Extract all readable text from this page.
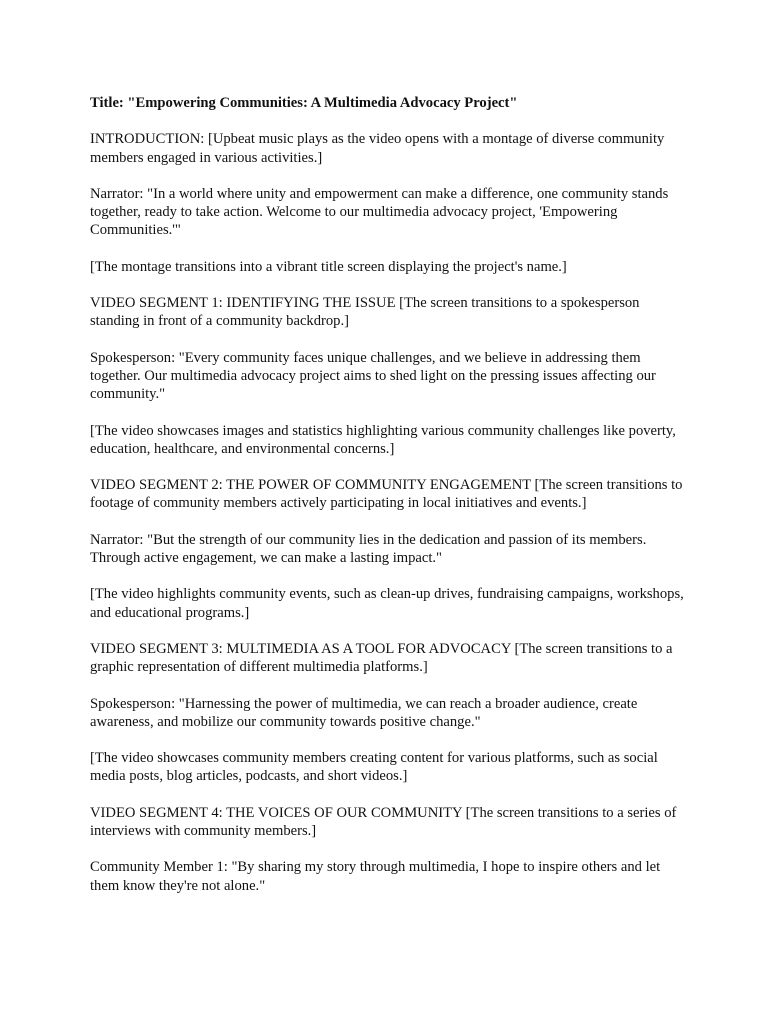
Title: "Empowering Communities: A Multimedia Advocacy Project"

INTRODUCTION: [Upbeat music plays as the video opens with a montage of diverse community members engaged in various activities.]

Narrator: "In a world where unity and empowerment can make a difference, one community stands together, ready to take action. Welcome to our multimedia advocacy project, 'Empowering Communities.'"

[The montage transitions into a vibrant title screen displaying the project's name.]

VIDEO SEGMENT 1: IDENTIFYING THE ISSUE [The screen transitions to a spokesperson standing in front of a community backdrop.]

Spokesperson: "Every community faces unique challenges, and we believe in addressing them together. Our multimedia advocacy project aims to shed light on the pressing issues affecting our community."

[The video showcases images and statistics highlighting various community challenges like poverty, education, healthcare, and environmental concerns.]

VIDEO SEGMENT 2: THE POWER OF COMMUNITY ENGAGEMENT [The screen transitions to footage of community members actively participating in local initiatives and events.]

Narrator: "But the strength of our community lies in the dedication and passion of its members. Through active engagement, we can make a lasting impact."

[The video highlights community events, such as clean-up drives, fundraising campaigns, workshops, and educational programs.]

VIDEO SEGMENT 3: MULTIMEDIA AS A TOOL FOR ADVOCACY [The screen transitions to a graphic representation of different multimedia platforms.]

Spokesperson: "Harnessing the power of multimedia, we can reach a broader audience, create awareness, and mobilize our community towards positive change."

[The video showcases community members creating content for various platforms, such as social media posts, blog articles, podcasts, and short videos.]

VIDEO SEGMENT 4: THE VOICES OF OUR COMMUNITY [The screen transitions to a series of interviews with community members.]

Community Member 1: "By sharing my story through multimedia, I hope to inspire others and let them know they're not alone."
